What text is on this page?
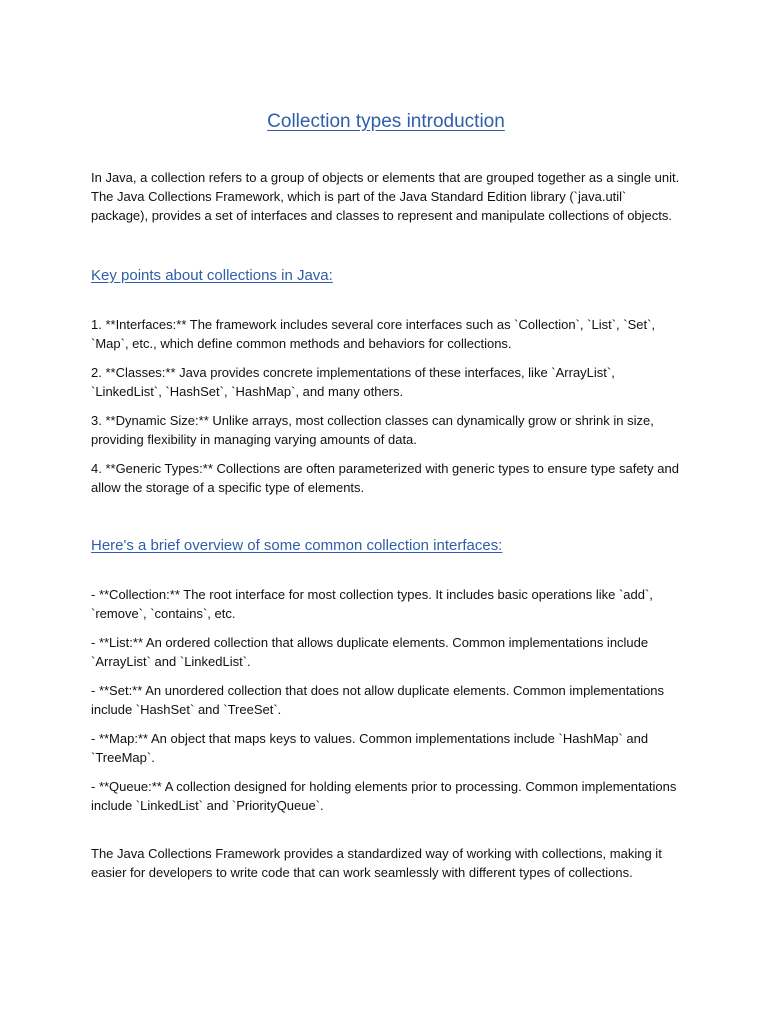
Collection types introduction

In Java, a collection refers to a group of objects or elements that are grouped together as a single unit. The Java Collections Framework, which is part of the Java Standard Edition library (`java.util` package), provides a set of interfaces and classes to represent and manipulate collections of objects.

Key points about collections in Java:
1. **Interfaces:** The framework includes several core interfaces such as `Collection`, `List`, `Set`, `Map`, etc., which define common methods and behaviors for collections.
2. **Classes:** Java provides concrete implementations of these interfaces, like `ArrayList`, `LinkedList`, `HashSet`, `HashMap`, and many others.
3. **Dynamic Size:** Unlike arrays, most collection classes can dynamically grow or shrink in size, providing flexibility in managing varying amounts of data.
4. **Generic Types:** Collections are often parameterized with generic types to ensure type safety and allow the storage of a specific type of elements.
Here's a brief overview of some common collection interfaces:
- **Collection:** The root interface for most collection types. It includes basic operations like `add`, `remove`, `contains`, etc.
- **List:** An ordered collection that allows duplicate elements. Common implementations include `ArrayList` and `LinkedList`.
- **Set:** An unordered collection that does not allow duplicate elements. Common implementations include `HashSet` and `TreeSet`.
- **Map:** An object that maps keys to values. Common implementations include `HashMap` and `TreeMap`.
- **Queue:** A collection designed for holding elements prior to processing. Common implementations include `LinkedList` and `PriorityQueue`.

The Java Collections Framework provides a standardized way of working with collections, making it easier for developers to write code that can work seamlessly with different types of collections.
